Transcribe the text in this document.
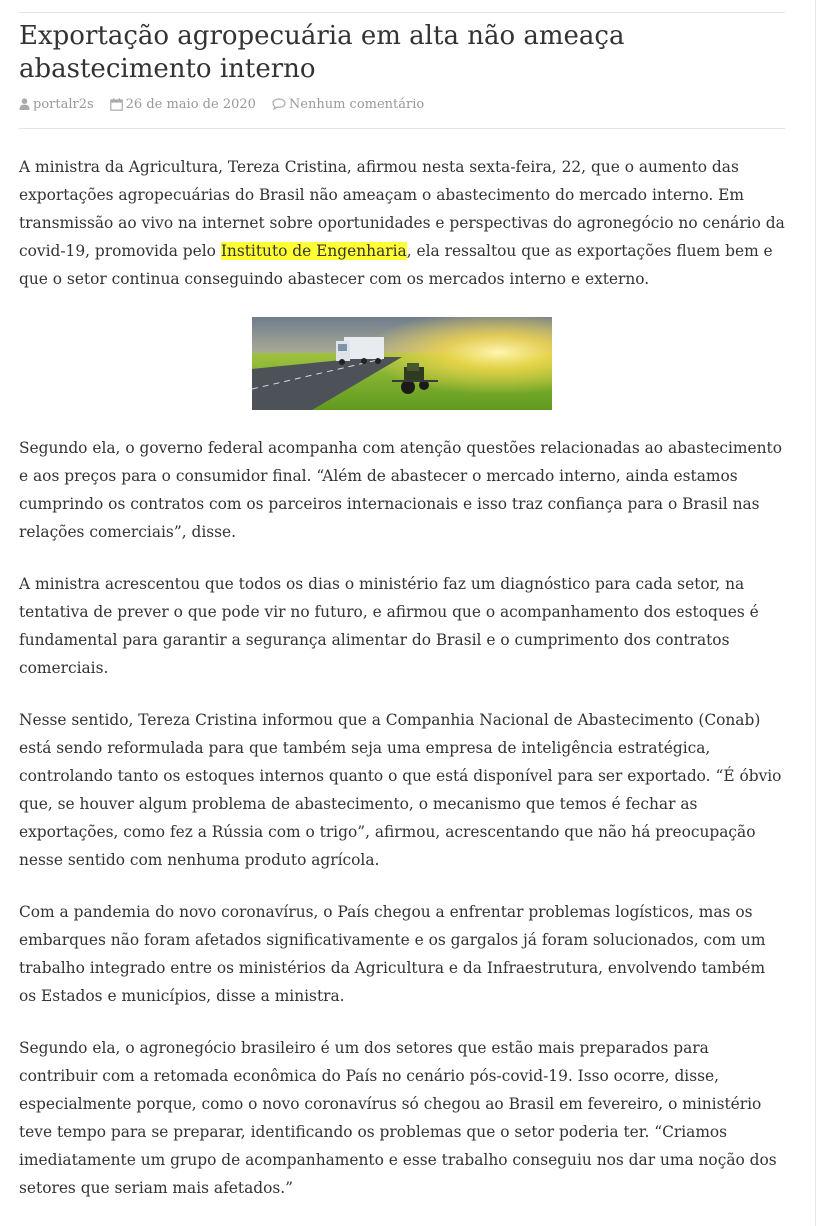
Exportação agropecuária em alta não ameaça abastecimento interno
portalr2s 26 de maio de 2020	Nenhum comentário

A ministra da Agricultura, Tereza Cristina, afirmou nesta sexta-feira, 22, que o aumento das exportações agropecuárias do Brasil não ameaçam o abastecimento do mercado interno. Em transmissão ao vivo na internet sobre oportunidades e perspectivas do agronegócio no cenário da covid-19, promovida pelo Instituto de Engenharia, ela ressaltou que as exportações fluem bem e que o setor continua conseguindo abastecer com os mercados interno e externo.

Segundo ela, o governo federal acompanha com atenção questões relacionadas ao abastecimento e aos preços para o consumidor final. “Além de abastecer o mercado interno, ainda estamos cumprindo os contratos com os parceiros internacionais e isso traz confiança para o Brasil nas relações comerciais”, disse.

A ministra acrescentou que todos os dias o ministério faz um diagnóstico para cada setor, na tentativa de prever o que pode vir no futuro, e afirmou que o acompanhamento dos estoques é fundamental para garantir a segurança alimentar do Brasil e o cumprimento dos contratos comerciais.

Nesse sentido, Tereza Cristina informou que a Companhia Nacional de Abastecimento (Conab) está sendo reformulada para que também seja uma empresa de inteligência estratégica, controlando tanto os estoques internos quanto o que está disponível para ser exportado. “É óbvio que, se houver algum problema de abastecimento, o mecanismo que temos é fechar as exportações, como fez a Rússia com o trigo”, afirmou, acrescentando que não há preocupação nesse sentido com nenhuma produto agrícola.

Com a pandemia do novo coronavírus, o País chegou a enfrentar problemas logísticos, mas os embarques não foram afetados significativamente e os gargalos já foram solucionados, com um trabalho integrado entre os ministérios da Agricultura e da Infraestrutura, envolvendo também os Estados e municípios, disse a ministra.

Segundo ela, o agronegócio brasileiro é um dos setores que estão mais preparados para contribuir com a retomada econômica do País no cenário pós-covid-19. Isso ocorre, disse, especialmente porque, como o novo coronavírus só chegou ao Brasil em fevereiro, o ministério teve tempo para se preparar, identificando os problemas que o setor poderia ter. “Criamos imediatamente um grupo de acompanhamento e esse trabalho conseguiu nos dar uma noção dos setores que seriam mais afetados.”
